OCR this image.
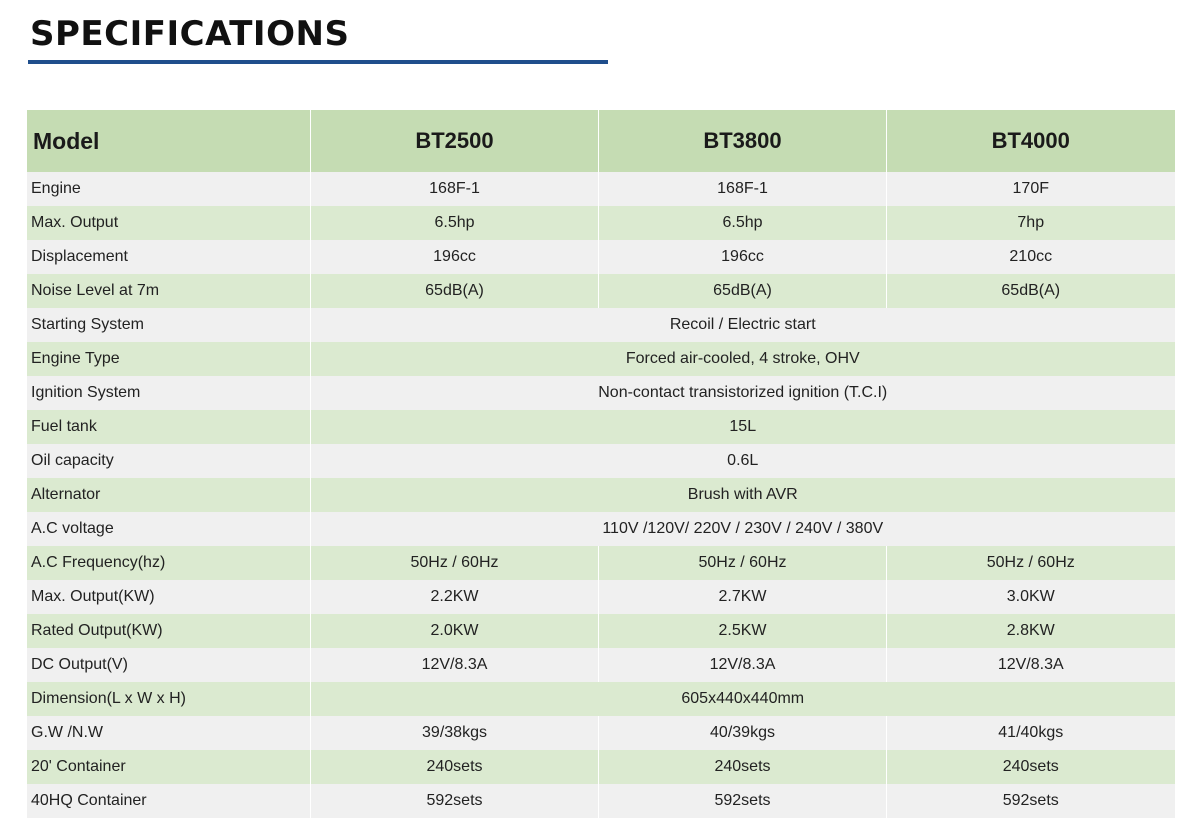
SPECIFICATIONS
Model	BT2500	BT3800	BT4000
Engine	168F-1	168F-1	170F
Max. Output	6.5hp	6.5hp	7hp
Displacement	196cc	196cc	210cc
Noise Level at 7m	65dB(A)	65dB(A)	65dB(A)
Starting System	Recoil / Electric start		
Engine Type	Forced air-cooled, 4 stroke, OHV		
Ignition System	Non-contact transistorized ignition (T.C.I)		
Fuel tank	15L		
Oil capacity	0.6L		
Alternator	Brush with AVR		
A.C voltage	110V /120V/ 220V / 230V / 240V / 380V		
A.C Frequency(hz)	50Hz / 60Hz	50Hz / 60Hz	50Hz / 60Hz
Max. Output(KW)	2.2KW	2.7KW	3.0KW
Rated Output(KW)	2.0KW	2.5KW	2.8KW
DC Output(V)	12V/8.3A	12V/8.3A	12V/8.3A
Dimension(L x W x H)	605x440x440mm		
G.W /N.W	39/38kgs	40/39kgs	41/40kgs
20' Container	240sets	240sets	240sets
40HQ Container	592sets	592sets	592sets
